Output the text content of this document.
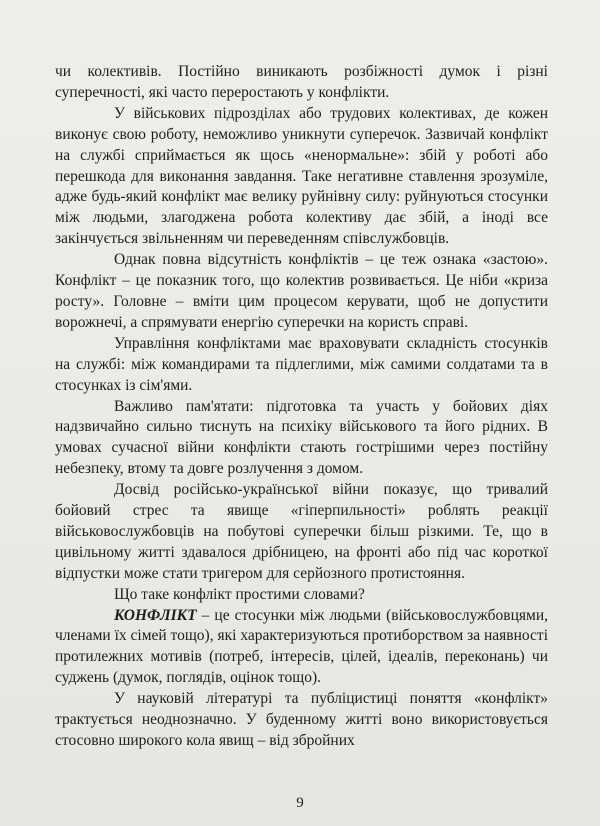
чи колективів. Постійно виникають розбіжності думок і різні суперечності, які часто переростають у конфлікти.

У військових підрозділах або трудових колективах, де кожен виконує свою роботу, неможливо уникнути суперечок. Зазвичай конфлікт на службі сприймається як щось «ненормальне»: збій у роботі або перешкода для виконання завдання. Таке негативне ставлення зрозуміле, адже будь-який конфлікт має велику руйнівну силу: руйнуються стосунки між людьми, злагоджена робота колективу дає збій, а іноді все закінчується звільненням чи переведенням співслужбовців.

Однак повна відсутність конфліктів – це теж ознака «застою». Конфлікт – це показник того, що колектив розвивається. Це ніби «криза росту». Головне – вміти цим процесом керувати, щоб не допустити ворожнечі, а спрямувати енергію суперечки на користь справі.

Управління конфліктами має враховувати складність стосунків на службі: між командирами та підлеглими, між самими солдатами та в стосунках із сім'ями.

Важливо пам'ятати: підготовка та участь у бойових діях надзвичайно сильно тиснуть на психіку військового та його рідних. В умовах сучасної війни конфлікти стають гострішими через постійну небезпеку, втому та довге розлучення з домом.

Досвід російсько-української війни показує, що тривалий бойовий стрес та явище «гіперпильності» роблять реакції військовослужбовців на побутові суперечки більш різкими. Те, що в цивільному житті здавалося дрібницею, на фронті або під час короткої відпустки може стати тригером для серйозного протистояння.

Що таке конфлікт простими словами?

КОНФЛІКТ – це стосунки між людьми (військовослужбовцями, членами їх сімей тощо), які характеризуються протиборством за наявності протилежних мотивів (потреб, інтересів, цілей, ідеалів, переконань) чи суджень (думок, поглядів, оцінок тощо).

У науковій літературі та публіцистиці поняття «конфлікт» трактується неоднозначно. У буденному житті воно використовується стосовно широкого кола явищ – від збройних

9
